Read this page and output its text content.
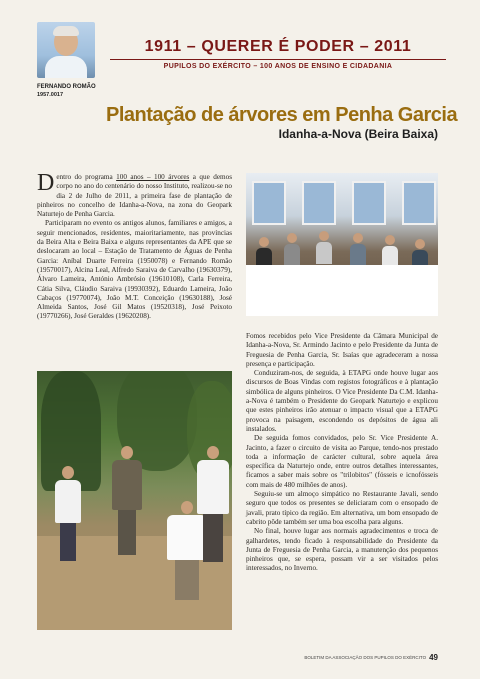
1911 – QUERER É PODER – 2011
PUPILOS DO EXÉRCITO – 100 ANOS DE ENSINO E CIDADANIA
FERNANDO ROMÃO
1957.0017
Plantação de árvores em Penha Garcia
Idanha-a-Nova (Beira Baixa)

Dentro do programa 100 anos – 100 árvores a que demos corpo no ano do centenário do nosso Instituto, realizou-se no dia 2 de Julho de 2011, a primeira fase de plantação de pinheiros no concelho de Idanha-a-Nova, na zona do Geopark Naturtejo de Penha Garcia.

Participaram no evento os antigos alunos, familiares e amigos, a seguir mencionados, residentes, maioritariamente, nas províncias da Beira Alta e Beira Baixa e alguns representantes da APE que se deslocaram ao local – Estação de Tratamento de Águas de Penha Garcia: Aníbal Duarte Ferreira (1950078) e Fernando Romão (19570017), Alcina Leal, Alfredo Saraiva de Carvalho (19630379), Álvaro Lameira, António Ambrósio (19610108), Carla Ferreira, Cátia Silva, Cláudio Saraiva (19930392), Eduardo Lameira, João Cabaços (19770074), João M.T. Conceição (19630188), José Almeida Santos, José Gil Matos (19520318), José Peixoto (19770266), José Geraldes (19620208).

Fomos recebidos pelo Vice Presidente da Câmara Municipal de Idanha-a-Nova, Sr. Armindo Jacinto e pelo Presidente da Junta de Freguesia de Penha Garcia, Sr. Isaías que agradeceram a nossa presença e participação.

Conduziram-nos, de seguida, à ETAPG onde houve lugar aos discursos de Boas Vindas com registos fotográficos e à plantação simbólica de alguns pinheiros. O Vice Presidente Da C.M. Idanha-a-Nova é também o Presidente do Geopark Naturtejo e explicou que estes pinheiros irão atenuar o impacto visual que a ETAPG provoca na paisagem, escondendo os depósitos de água ali instalados.

De seguida fomos convidados, pelo Sr. Vice Presidente A. Jacinto, a fazer o circuito de visita ao Parque, tendo-nos prestado toda a informação de carácter cultural, sobre aquela área específica da Naturtejo onde, entre outros detalhes interessantes, ficamos a saber mais sobre os "trilobitos" (fósseis e icnofósseis com mais de 480 milhões de anos).

Seguiu-se um almoço simpático no Restaurante Javali, sendo seguro que todos os presentes se deliciaram com o ensopado de javali, prato típico da região. Em alternativa, um bom ensopado de cabrito pôde também ser uma boa escolha para alguns.

No final, houve lugar aos normais agradecimentos e troca de galhardetes, tendo ficado à responsabilidade do Presidente da Junta de Freguesia de Penha Garcia, a manutenção dos pequenos pinheiros que, se espera, possam vir a ser visitados pelos interessados, no Inverno.

BOLETIM DA ASSOCIAÇÃO DOS PUPILOS DO EXÉRCITO 49
